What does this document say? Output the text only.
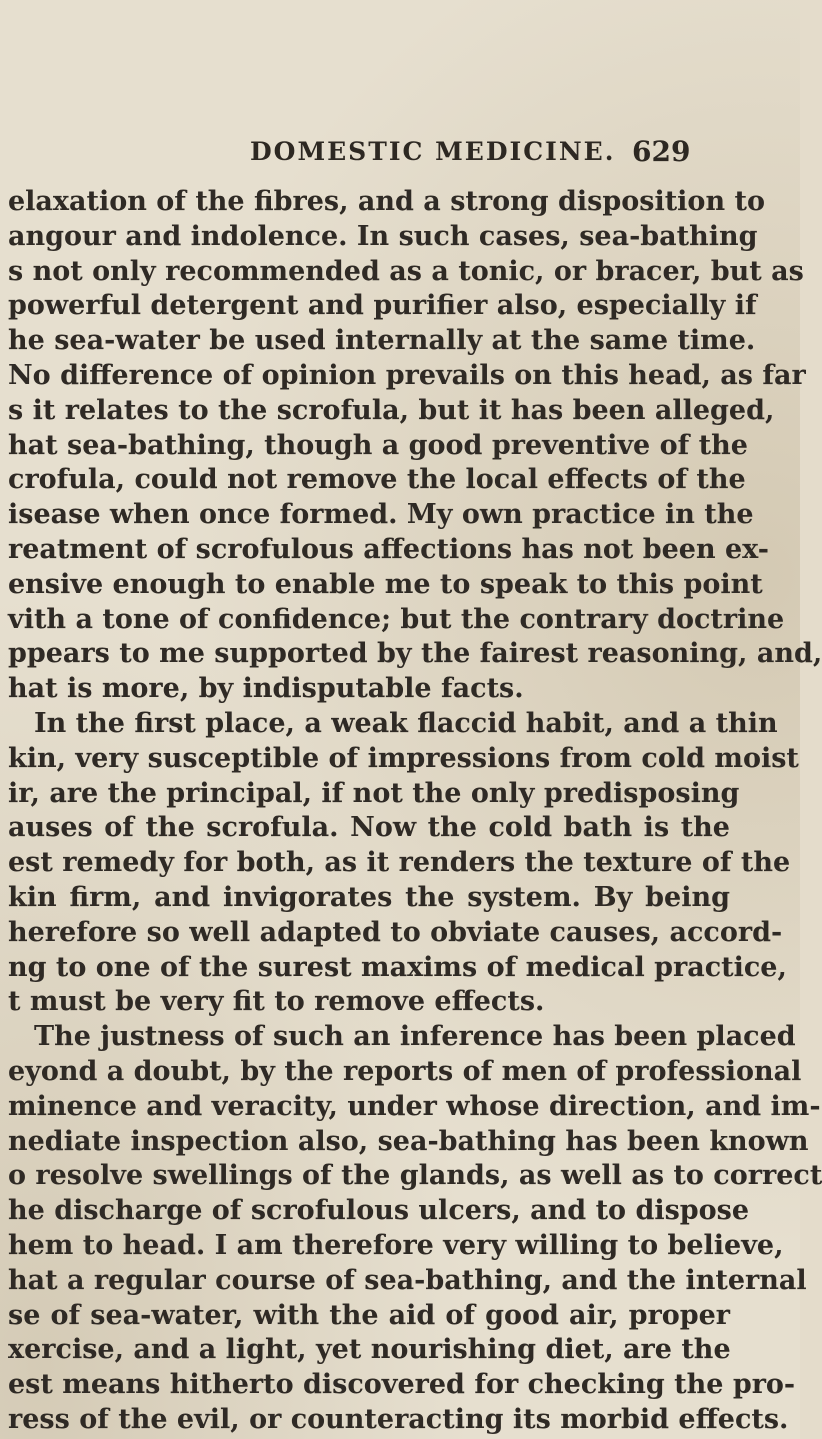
DOMESTIC MEDICINE. 629
elaxation of the fibres, and a strong disposition to
angour and indolence. In such cases, sea-bathing
s not only recommended as a tonic, or bracer, but as
powerful detergent and purifier also, especially if
he sea-water be used internally at the same time.
No difference of opinion prevails on this head, as far
s it relates to the scrofula, but it has been alleged,
hat sea-bathing, though a good preventive of the
crofula, could not remove the local effects of the
isease when once formed. My own practice in the
reatment of scrofulous affections has not been ex-
ensive enough to enable me to speak to this point
vith a tone of confidence; but the contrary doctrine
ppears to me supported by the fairest reasoning, and,
hat is more, by indisputable facts.
In the first place, a weak flaccid habit, and a thin
kin, very susceptible of impressions from cold moist
ir, are the principal, if not the only predisposing
auses of the scrofula. Now the cold bath is the
est remedy for both, as it renders the texture of the
kin firm, and invigorates the system. By being
herefore so well adapted to obviate causes, accord-
ng to one of the surest maxims of medical practice,
t must be very fit to remove effects.
The justness of such an inference has been placed
eyond a doubt, by the reports of men of professional
minence and veracity, under whose direction, and im-
nediate inspection also, sea-bathing has been known
o resolve swellings of the glands, as well as to correct
he discharge of scrofulous ulcers, and to dispose
hem to head. I am therefore very willing to believe,
hat a regular course of sea-bathing, and the internal
se of sea-water, with the aid of good air, proper
xercise, and a light, yet nourishing diet, are the
est means hitherto discovered for checking the pro-
ress of the evil, or counteracting its morbid effects.
